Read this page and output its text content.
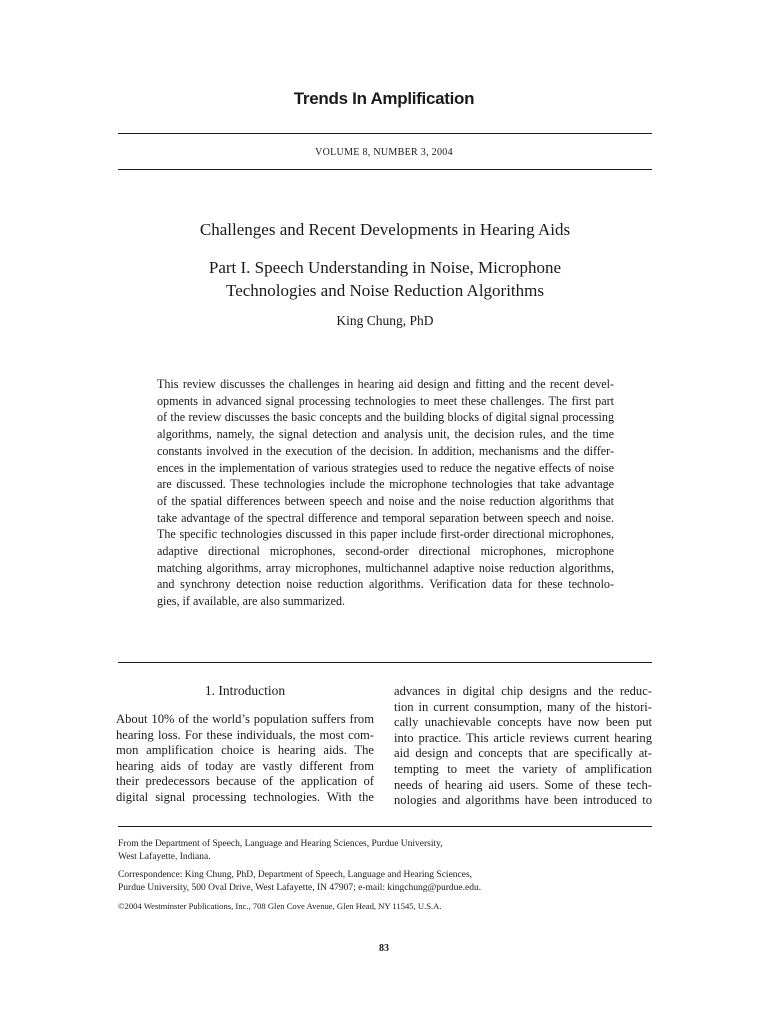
Trends In Amplification
VOLUME 8, NUMBER 3, 2004
Challenges and Recent Developments in Hearing Aids
Part I. Speech Understanding in Noise, Microphone
Technologies and Noise Reduction Algorithms
King Chung, PhD
This review discusses the challenges in hearing aid design and fitting and the recent devel-
opments in advanced signal processing technologies to meet these challenges. The first part
of the review discusses the basic concepts and the building blocks of digital signal processing
algorithms, namely, the signal detection and analysis unit, the decision rules, and the time
constants involved in the execution of the decision. In addition, mechanisms and the differ-
ences in the implementation of various strategies used to reduce the negative effects of noise
are discussed. These technologies include the microphone technologies that take advantage
of the spatial differences between speech and noise and the noise reduction algorithms that
take advantage of the spectral difference and temporal separation between speech and noise.
The specific technologies discussed in this paper include first-order directional microphones,
adaptive directional microphones, second-order directional microphones, microphone
matching algorithms, array microphones, multichannel adaptive noise reduction algorithms,
and synchrony detection noise reduction algorithms. Verification data for these technolo-
gies, if available, are also summarized.
1. Introduction
About 10% of the world’s population suffers from
hearing loss. For these individuals, the most com-
mon amplification choice is hearing aids. The
hearing aids of today are vastly different from
their predecessors because of the application of
digital signal processing technologies. With the
advances in digital chip designs and the reduc-
tion in current consumption, many of the histori-
cally unachievable concepts have now been put
into practice. This article reviews current hearing
aid design and concepts that are specifically at-
tempting to meet the variety of amplification
needs of hearing aid users. Some of these tech-
nologies and algorithms have been introduced to

From the Department of Speech, Language and Hearing Sciences, Purdue University,
West Lafayette, Indiana.

Correspondence: King Chung, PhD, Department of Speech, Language and Hearing Sciences,
Purdue University, 500 Oval Drive, West Lafayette, IN 47907; e-mail: kingchung@purdue.edu.

©2004 Westminster Publications, Inc., 708 Glen Cove Avenue, Glen Head, NY 11545, U.S.A.

83
